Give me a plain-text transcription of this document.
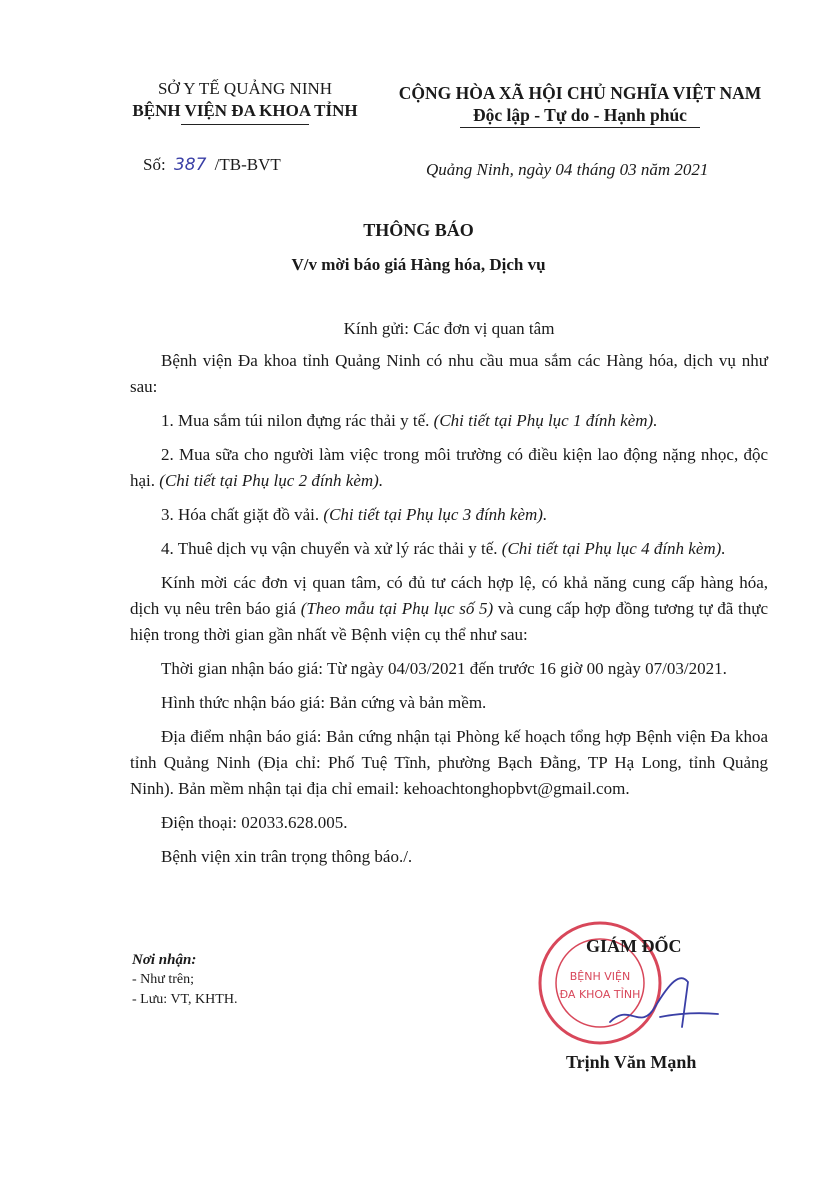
SỞ Y TẾ QUẢNG NINH
BỆNH VIỆN ĐA KHOA TỈNH
CỘNG HÒA XÃ HỘI CHỦ NGHĨA VIỆT NAM
Độc lập - Tự do - Hạnh phúc
Số: 387 /TB-BVT	Quảng Ninh, ngày 04 tháng 03 năm 2021
THÔNG BÁO
V/v mời báo giá Hàng hóa, Dịch vụ

Kính gửi: Các đơn vị quan tâm

Bệnh viện Đa khoa tỉnh Quảng Ninh có nhu cầu mua sắm các Hàng hóa, dịch vụ như sau:

1. Mua sắm túi nilon đựng rác thải y tế. (Chi tiết tại Phụ lục 1 đính kèm).

2. Mua sữa cho người làm việc trong môi trường có điều kiện lao động nặng nhọc, độc hại. (Chi tiết tại Phụ lục 2 đính kèm).

3. Hóa chất giặt đồ vải. (Chi tiết tại Phụ lục 3 đính kèm).

4. Thuê dịch vụ vận chuyển và xử lý rác thải y tế. (Chi tiết tại Phụ lục 4 đính kèm).

Kính mời các đơn vị quan tâm, có đủ tư cách hợp lệ, có khả năng cung cấp hàng hóa, dịch vụ nêu trên báo giá (Theo mẫu tại Phụ lục số 5) và cung cấp hợp đồng tương tự đã thực hiện trong thời gian gần nhất về Bệnh viện cụ thể như sau:

Thời gian nhận báo giá: Từ ngày 04/03/2021 đến trước 16 giờ 00 ngày 07/03/2021.

Hình thức nhận báo giá: Bản cứng và bản mềm.

Địa điểm nhận báo giá: Bản cứng nhận tại Phòng kế hoạch tổng hợp Bệnh viện Đa khoa tỉnh Quảng Ninh (Địa chỉ: Phố Tuệ Tĩnh, phường Bạch Đằng, TP Hạ Long, tỉnh Quảng Ninh). Bản mềm nhận tại địa chỉ email: kehoachtonghopbvt@gmail.com.

Điện thoại: 02033.628.005.

Bệnh viện xin trân trọng thông báo./.

Nơi nhận:
- Như trên;
- Lưu: VT, KHTH.
BỆNH VIỆN
ĐA KHOA TỈNH
GIÁM ĐỐC
Trịnh Văn Mạnh
